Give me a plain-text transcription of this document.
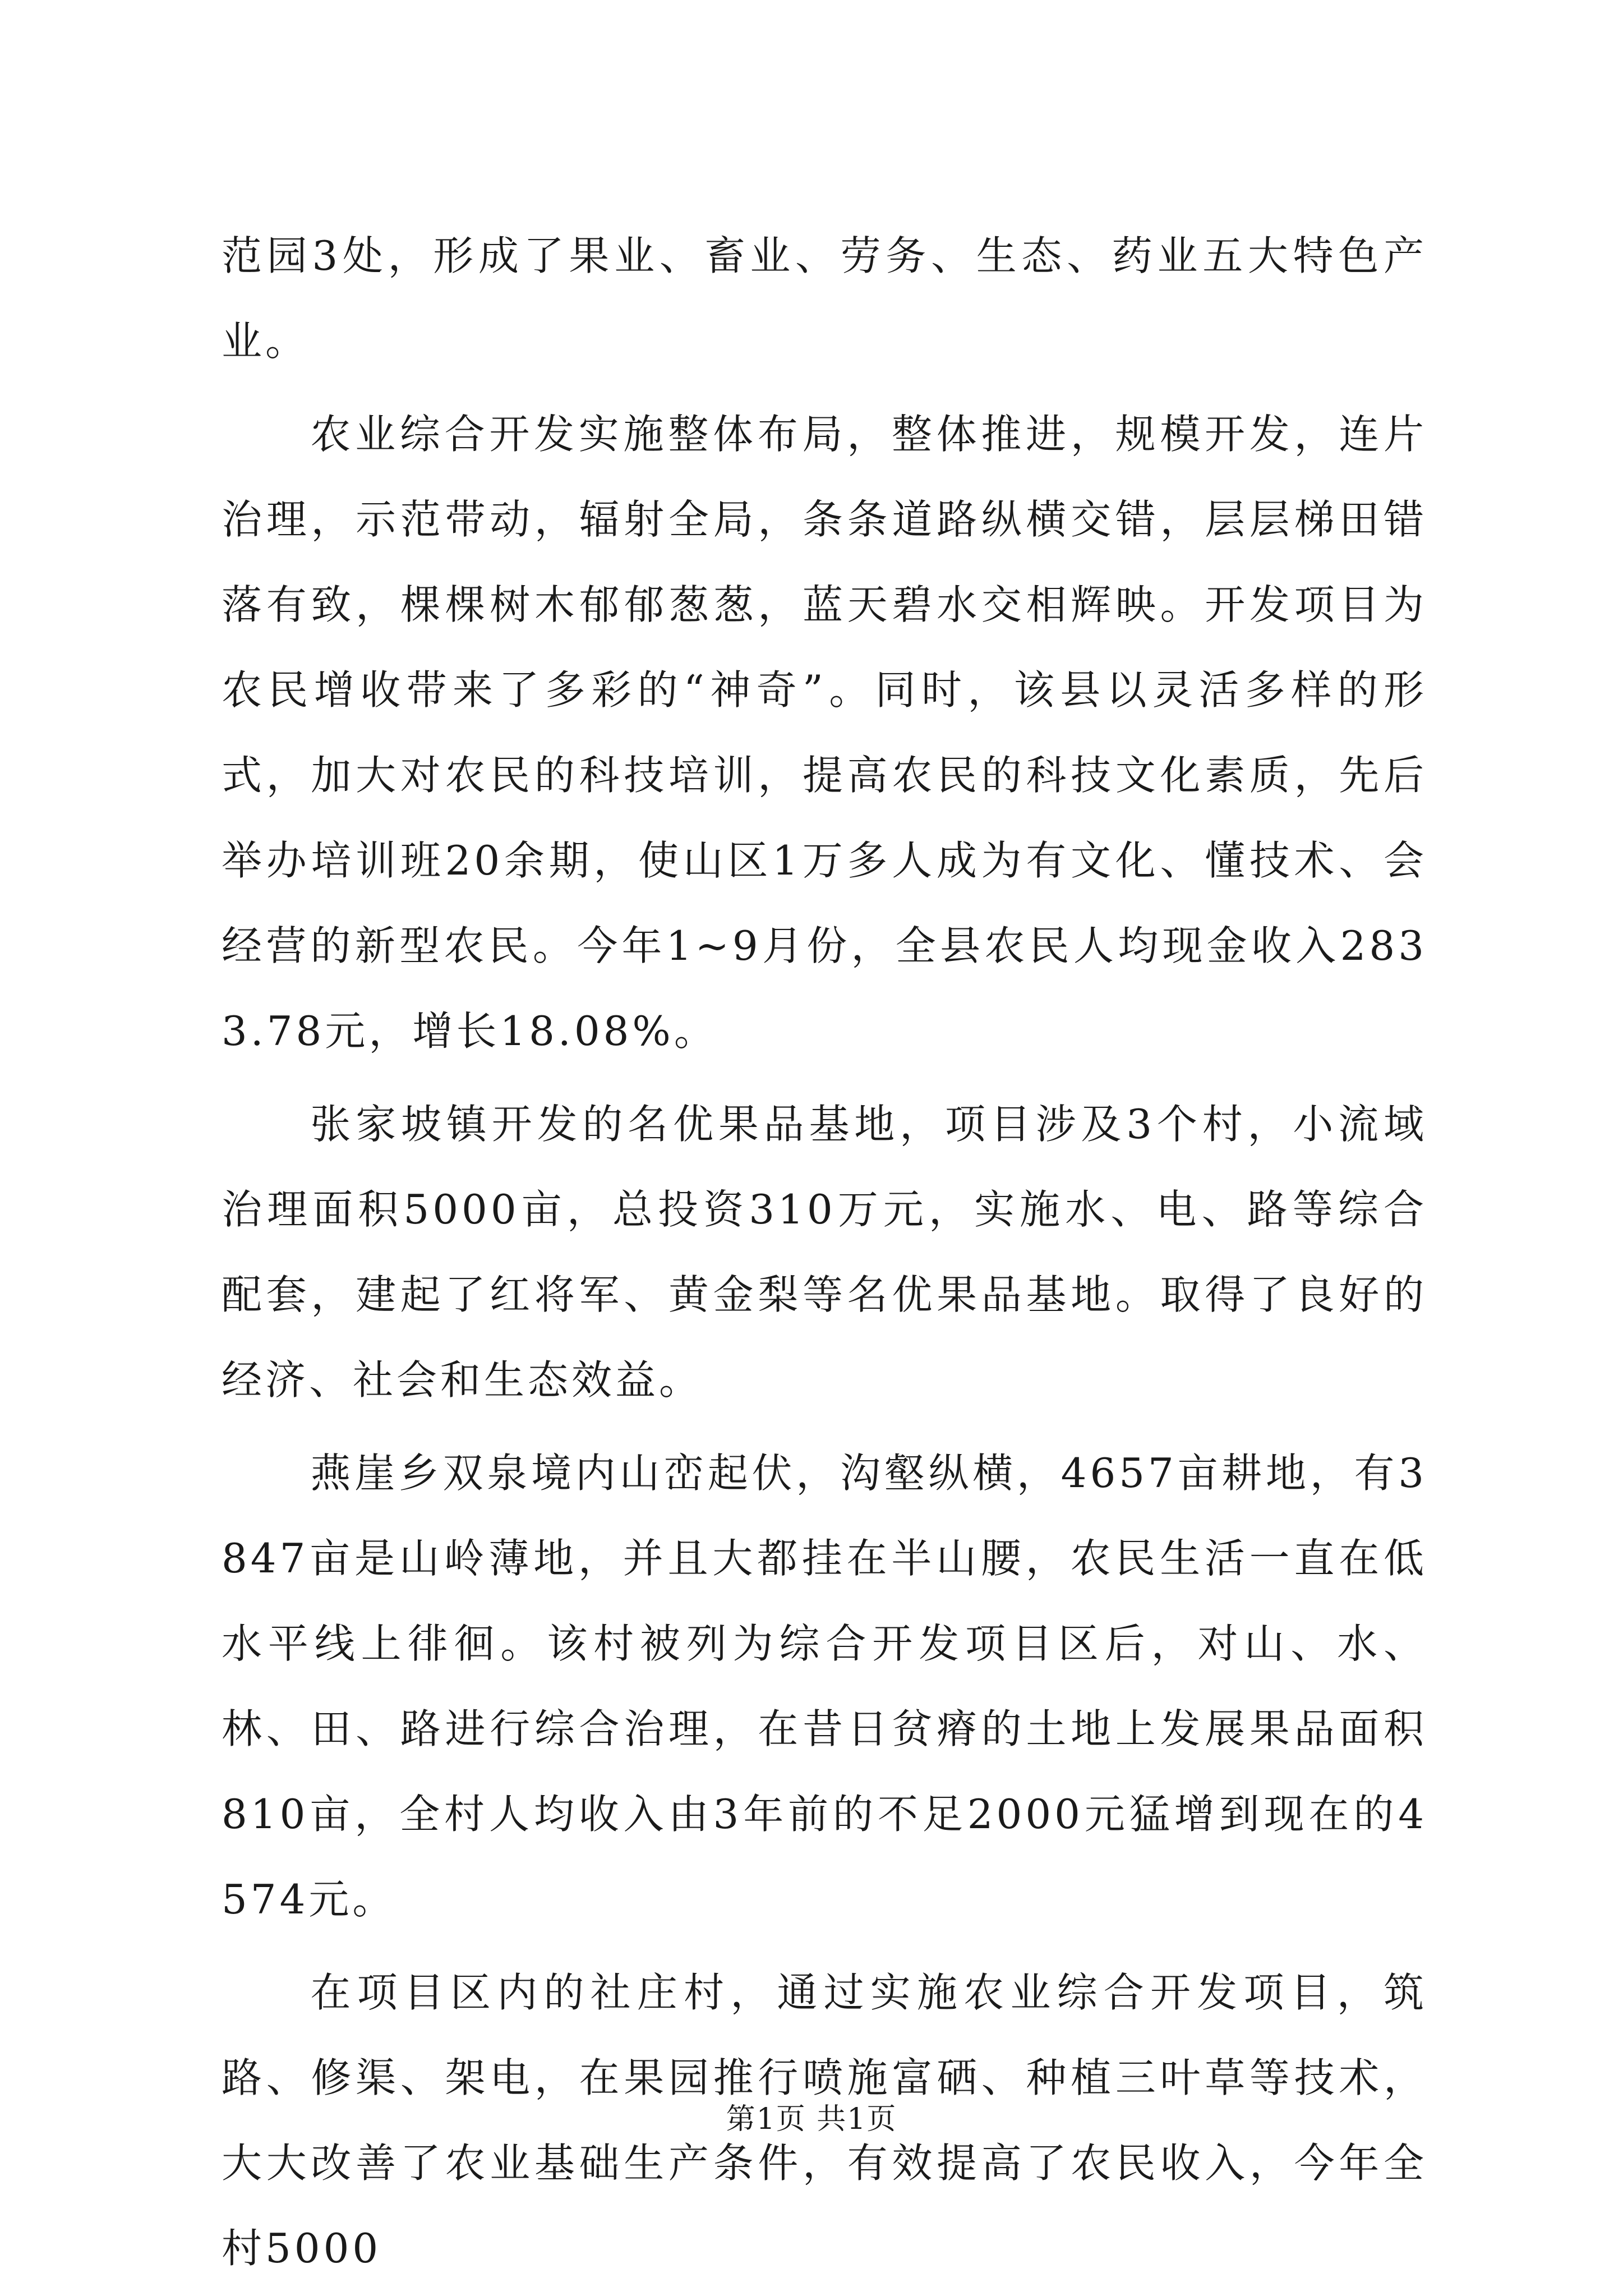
范园3处，形成了果业、畜业、劳务、生态、药业五大特色产业。

农业综合开发实施整体布局，整体推进，规模开发，连片治理，示范带动，辐射全局，条条道路纵横交错，层层梯田错落有致，棵棵树木郁郁葱葱，蓝天碧水交相辉映。开发项目为农民增收带来了多彩的“神奇”。同时，该县以灵活多样的形式，加大对农民的科技培训，提高农民的科技文化素质，先后举办培训班20余期，使山区1万多人成为有文化、懂技术、会经营的新型农民。今年1~9月份，全县农民人均现金收入2833.78元，增长18.08%。

张家坡镇开发的名优果品基地，项目涉及3个村，小流域治理面积5000亩，总投资310万元，实施水、电、路等综合配套，建起了红将军、黄金梨等名优果品基地。取得了良好的经济、社会和生态效益。

燕崖乡双泉境内山峦起伏，沟壑纵横，4657亩耕地，有3847亩是山岭薄地，并且大都挂在半山腰，农民生活一直在低水平线上徘徊。该村被列为综合开发项目区后，对山、水、林、田、路进行综合治理，在昔日贫瘠的土地上发展果品面积810亩，全村人均收入由3年前的不足2000元猛增到现在的4574元。

在项目区内的社庄村，通过实施农业综合开发项目，筑路、修渠、架电，在果园推行喷施富硒、种植三叶草等技术，大大改善了农业基础生产条件，有效提高了农民收入，今年全村5000

第1页 共1页
